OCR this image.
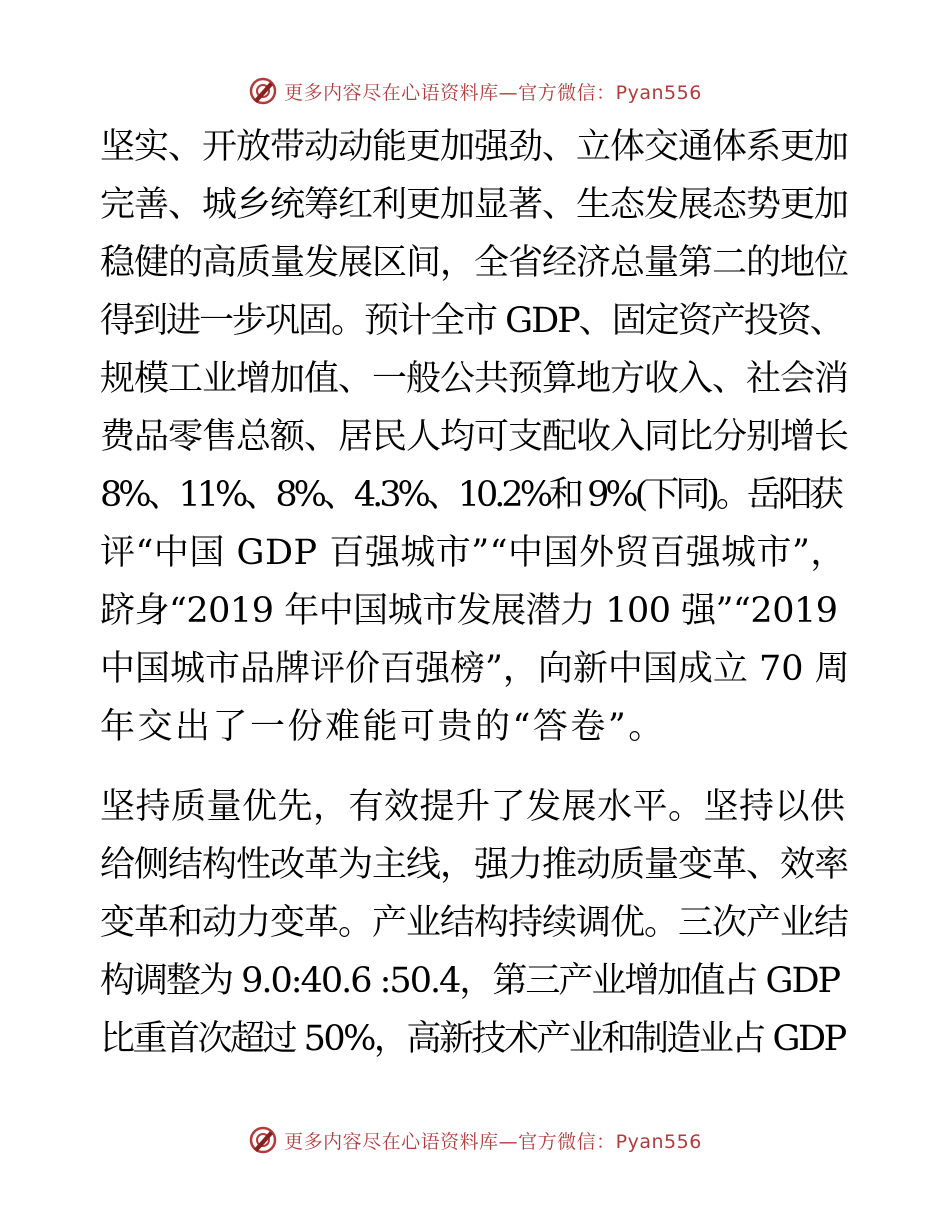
更多内容尽在心语资料库—官方微信：Pyan556
坚实、开放带动动能更加强劲、立体交通体系更加
完善、城乡统筹红利更加显著、生态发展态势更加
稳健的高质量发展区间，全省经济总量第二的地位
得到进一步巩固。预计全市 GDP、固定资产投资、
规模工业增加值、一般公共预算地方收入、社会消
费品零售总额、居民人均可支配收入同比分别增长
8%、11%、8%、4.3%、10.2%和 9%(下同)。岳阳获
评“中国 GDP 百强城市”“中国外贸百强城市”，
跻身“2019 年中国城市发展潜力 100 强”“2019
中国城市品牌评价百强榜”，向新中国成立 70 周
年交出了一份难能可贵的“答卷”。
坚持质量优先，有效提升了发展水平。坚持以供
给侧结构性改革为主线，强力推动质量变革、效率
变革和动力变革。产业结构持续调优。三次产业结
构调整为 9.0:40.6 :50.4，第三产业增加值占 GDP
比重首次超过 50%，高新技术产业和制造业占 GDP
更多内容尽在心语资料库—官方微信：Pyan556
